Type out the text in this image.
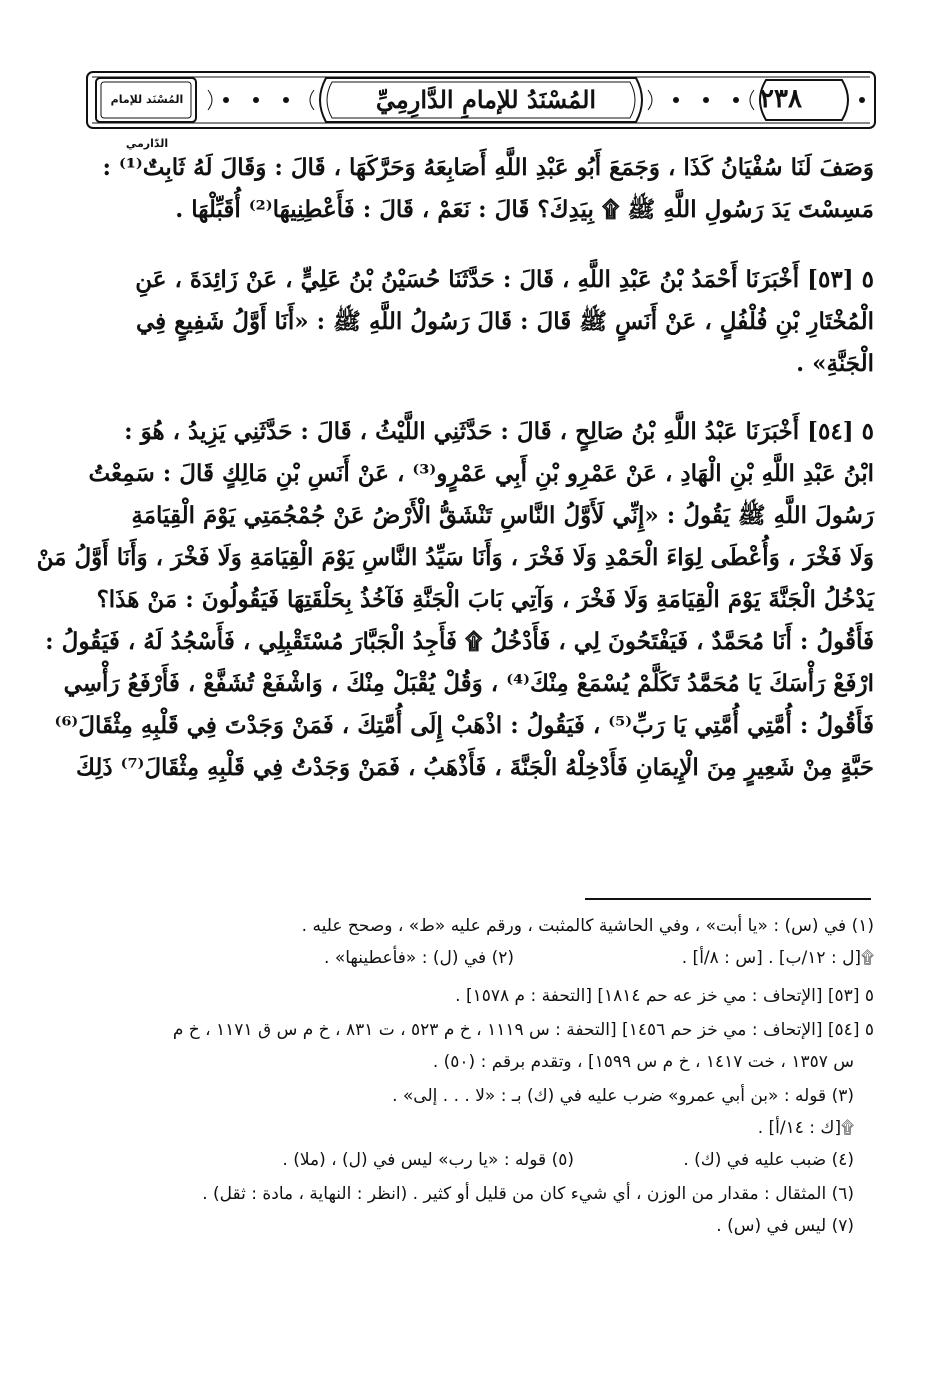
٢٣٨
المُسْنَدُ للإمامِ الدَّارِمِيِّ
المُسْنَد للإمام الدّارمي
وَصَفَ لَنَا سُفْيَانُ كَذَا ، وَجَمَعَ أَبُو عَبْدِ اللَّهِ أَصَابِعَهُ وَحَرَّكَهَا ، قَالَ : وَقَالَ لَهُ ثَابِتٌ⁽¹⁾ :
مَسِسْتَ يَدَ رَسُولِ اللَّهِ ﷺ ۩ بِيَدِكَ؟ قَالَ : نَعَمْ ، قَالَ : فَأَعْطِنِيهَا⁽²⁾ أُقَبِّلْهَا .
٥ [٥٣] أَخْبَرَنَا أَحْمَدُ بْنُ عَبْدِ اللَّهِ ، قَالَ : حَدَّثَنَا حُسَيْنُ بْنُ عَلِيٍّ ، عَنْ زَائِدَةَ ، عَنِ
الْمُخْتَارِ بْنِ فُلْفُلٍ ، عَنْ أَنَسٍ ﷺ قَالَ : قَالَ رَسُولُ اللَّهِ ﷺ : «أَنَا أَوَّلُ شَفِيعٍ فِي
الْجَنَّةِ» .
٥ [٥٤] أَخْبَرَنَا عَبْدُ اللَّهِ بْنُ صَالِحٍ ، قَالَ : حَدَّثَنِي اللَّيْثُ ، قَالَ : حَدَّثَنِي يَزِيدُ ، هُوَ :
ابْنُ عَبْدِ اللَّهِ بْنِ الْهَادِ ، عَنْ عَمْرِو بْنِ أَبِي عَمْرٍو⁽³⁾ ، عَنْ أَنَسِ بْنِ مَالِكٍ قَالَ : سَمِعْتُ
رَسُولَ اللَّهِ ﷺ يَقُولُ : «إِنِّي لَأَوَّلُ النَّاسِ تَنْشَقُّ الْأَرْضُ عَنْ جُمْجُمَتِي يَوْمَ الْقِيَامَةِ
وَلَا فَخْرَ ، وَأُعْطَى لِوَاءَ الْحَمْدِ وَلَا فَخْرَ ، وَأَنَا سَيِّدُ النَّاسِ يَوْمَ الْقِيَامَةِ وَلَا فَخْرَ ، وَأَنَا أَوَّلُ مَنْ
يَدْخُلُ الْجَنَّةَ يَوْمَ الْقِيَامَةِ وَلَا فَخْرَ ، وَآتِي بَابَ الْجَنَّةِ فَآخُذُ بِحَلْقَتِهَا فَيَقُولُونَ : مَنْ هَذَا؟
فَأَقُولُ : أَنَا مُحَمَّدٌ ، فَيَفْتَحُونَ لِي ، فَأَدْخُلُ ۩ فَأَجِدُ الْجَبَّارَ مُسْتَقْبِلِي ، فَأَسْجُدُ لَهُ ، فَيَقُولُ :
ارْفَعْ رَأْسَكَ يَا مُحَمَّدُ تَكَلَّمْ يُسْمَعْ مِنْكَ⁽⁴⁾ ، وَقُلْ يُقْبَلْ مِنْكَ ، وَاشْفَعْ تُشَفَّعْ ، فَأَرْفَعُ رَأْسِي
فَأَقُولُ : أُمَّتِي أُمَّتِي يَا رَبِّ⁽⁵⁾ ، فَيَقُولُ : اذْهَبْ إِلَى أُمَّتِكَ ، فَمَنْ وَجَدْتَ فِي قَلْبِهِ مِثْقَالَ⁽⁶⁾
حَبَّةٍ مِنْ شَعِيرٍ مِنَ الْإِيمَانِ فَأَدْخِلْهُ الْجَنَّةَ ، فَأَذْهَبُ ، فَمَنْ وَجَدْتُ فِي قَلْبِهِ مِثْقَالَ⁽⁷⁾ ذَلِكَ
(١) في (س) : «يا أبت» ، وفي الحاشية كالمثبت ، ورقم عليه «ط» ، وصحح عليه .
۩[ل : ١٢/ب] . [س : ٨/أ] .
(٢) في (ل) : «فأعطينها» .
٥ [٥٣] [الإتحاف : مي خز عه حم ١٨١٤] [التحفة : م ١٥٧٨] .
٥ [٥٤] [الإتحاف : مي خز حم ١٤٥٦] [التحفة : س ١١١٩ ، خ م ٥٢٣ ، ت ٨٣١ ، خ م س ق ١١٧١ ، خ م
س ١٣٥٧ ، خت ١٤١٧ ، خ م س ١٥٩٩] ، وتقدم برقم : (٥٠) .
(٣) قوله : «بن أبي عمرو» ضرب عليه في (ك) بـ : «لا . . . إلى» .
۩[ك : ١٤/أ] .
(٤) ضبب عليه في (ك) .
(٥) قوله : «يا رب» ليس في (ل) ، (ملا) .
(٦) المثقال : مقدار من الوزن ، أي شيء كان من قليل أو كثير . (انظر : النهاية ، مادة : ثقل) .
(٧) ليس في (س) .
